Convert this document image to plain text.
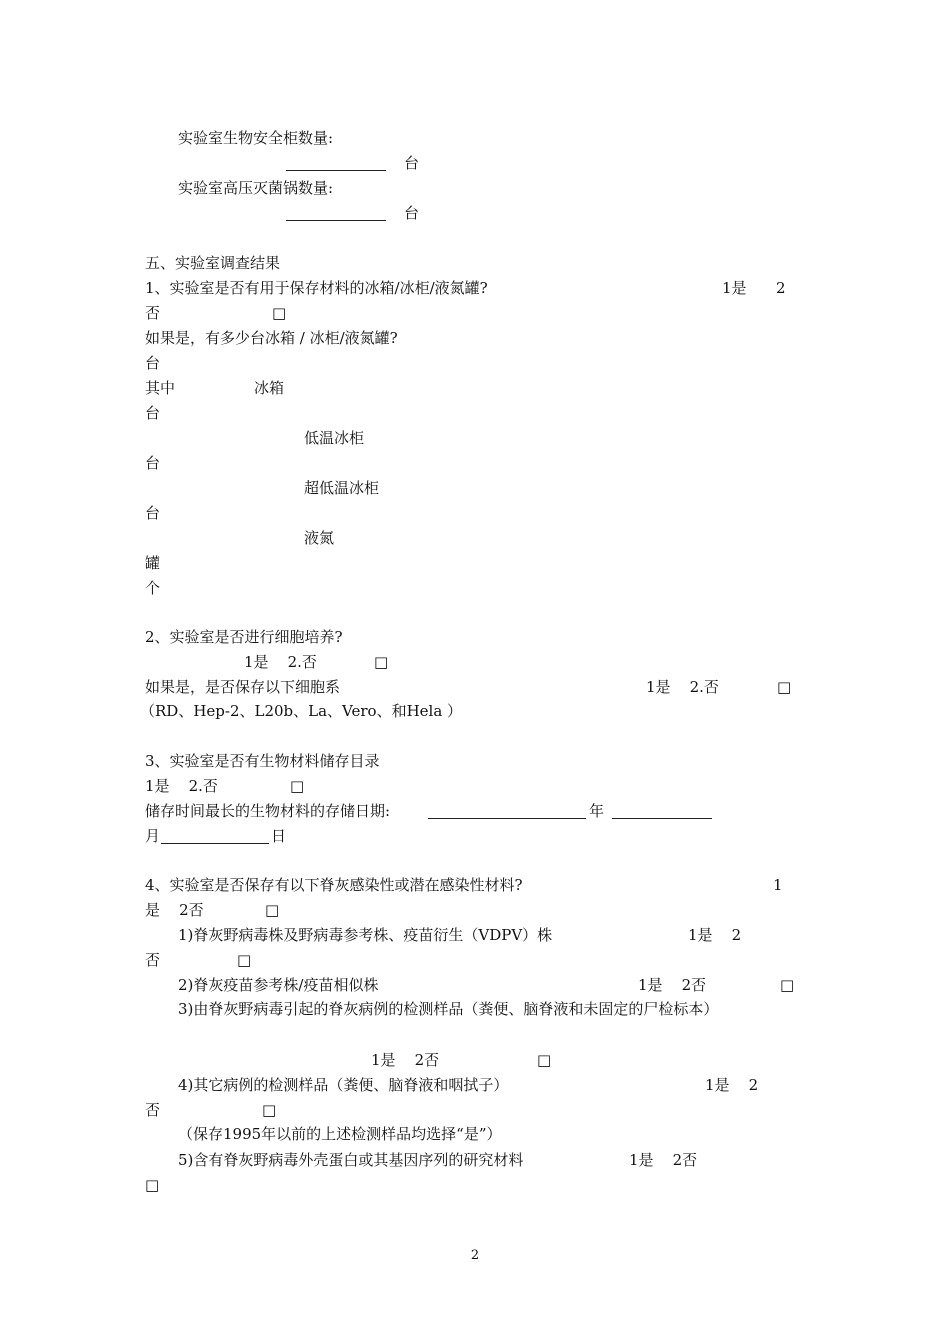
实验室生物安全柜数量:
台
实验室高压灭菌锅数量:
台
五、实验室调查结果
1、实验室是否有用于保存材料的冰箱/冰柜/液氮罐?	1是 2
否	□
如果是，有多少台冰箱 / 冰柜/液氮罐?
台
其中	冰箱
台
低温冰柜
台
超低温冰柜
台
液氮
罐
个
2、实验室是否进行细胞培养?
1是    2.否	□
如果是，是否保存以下细胞系	1是    2.否	□
（RD、Hep-2、L20b、La、Vero、和Hela ）
3、实验室是否有生物材料储存目录
1是    2.否	□
储存时间最长的生物材料的存储日期:	年
月	日
4、实验室是否保存有以下脊灰感染性或潜在感染性材料?	1
是    2否	□
1)脊灰野病毒株及野病毒参考株、疫苗衍生（VDPV）株	1是    2
否	□
2)脊灰疫苗参考株/疫苗相似株	1是    2否	□
3)由脊灰野病毒引起的脊灰病例的检测样品（粪便、脑脊液和未固定的尸检标本）
1是    2否	□
4)其它病例的检测样品（粪便、脑脊液和咽拭子）	1是    2
否	□
（保存1995年以前的上述检测样品均选择“是”）
5)含有脊灰野病毒外壳蛋白或其基因序列的研究材料	1是    2否
□
2
